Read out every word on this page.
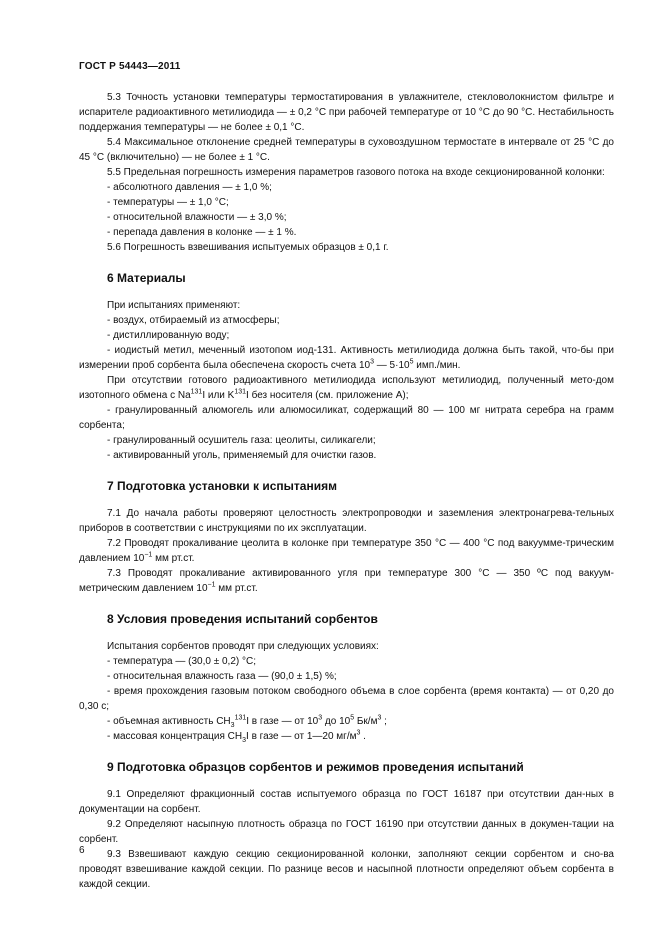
ГОСТ Р 54443—2011

5.3 Точность установки температуры термостатирования в увлажнителе, стекловолокнистом фильтре и испарителе радиоактивного метилиодида — ± 0,2 °С при рабочей температуре от 10 °С до 90 °С. Нестабильность поддержания температуры — не более ± 0,1 °С.

5.4 Максимальное отклонение средней температуры в суховоздушном термостате в интервале от 25 °С до 45 °С (включительно) — не более ± 1 °С.

5.5 Предельная погрешность измерения параметров газового потока на входе секционированной колонки:

- абсолютного давления — ± 1,0 %;

- температуры — ± 1,0 °С;

- относительной влажности — ± 3,0 %;

- перепада давления в колонке — ± 1 %.

5.6 Погрешность взвешивания испытуемых образцов ± 0,1 г.

6 Материалы

При испытаниях применяют:

- воздух, отбираемый из атмосферы;

- дистиллированную воду;

- иодистый метил, меченный изотопом иод-131. Активность метилиодида должна быть такой, что-бы при измерении проб сорбента была обеспечена скорость счета $10^3$ — $5\cdot 10^5$ имп./мин.

При отсутствии готового радиоактивного метилиодида используют метилиодид, полученный мето-дом изотопного обмена с Na$^{131}$I или $K^{131}I$ без носителя (см. приложение А);

- гранулированный алюмогель или алюмосиликат, содержащий 80 — 100 мг нитрата серебра на грамм сорбента;

- гранулированный осушитель газа: цеолиты, силикагели;

- активированный уголь, применяемый для очистки газов.

7 Подготовка установки к испытаниям

7.1 До начала работы проверяют целостность электропроводки и заземления электронагрева-тельных приборов в соответствии с инструкциями по их эксплуатации.

7.2 Проводят прокаливание цеолита в колонке при температуре 350 °С — 400 °С под вакуумме-трическим давлением $10^{-1}$ мм рт.ст.

7.3 Проводят прокаливание активированного угля при температуре 300 °С — 350 ºС под вакуум-метрическим давлением $10^{-1}$ мм рт.ст.

8 Условия проведения испытаний сорбентов

Испытания сорбентов проводят при следующих условиях:

- температура — (30,0 ± 0,2) °С;

- относительная влажность газа — (90,0 ± 1,5) %;

- время прохождения газовым потоком свободного объема в слое сорбента (время контакта) — от 0,20 до 0,30 с;

- объемная активность $CH_3^{131}I$ в газе — от $10^3$ до $10^5$ $Бк/м^3$ ;

- массовая концентрация $CH_3I$ в газе — от 1—20 $мг/м^3$ .

9 Подготовка образцов сорбентов и режимов проведения испытаний

9.1 Определяют фракционный состав испытуемого образца по ГОСТ 16187 при отсутствии дан-ных в документации на сорбент.

9.2 Определяют насыпную плотность образца по ГОСТ 16190 при отсутствии данных в докумен-тации на сорбент.

9.3 Взвешивают каждую секцию секционированной колонки, заполняют секции сорбентом и сно-ва проводят взвешивание каждой секции. По разнице весов и насыпной плотности определяют объем сорбента в каждой секции.

6
